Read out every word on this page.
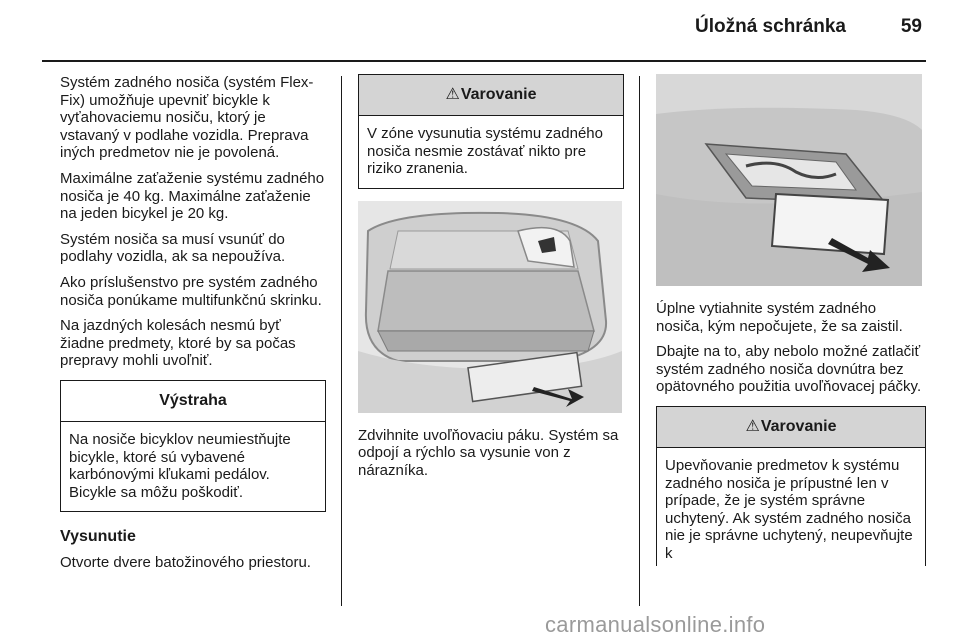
Úložná schránka	59

Systém zadného nosiča (systém Flex-Fix) umožňuje upevniť bicykle k vyťahovaciemu nosiču, ktorý je vstavaný v podlahe vozidla. Preprava iných predmetov nie je povolená.

Maximálne zaťaženie systému zadného nosiča je 40 kg. Maximálne zaťaženie na jeden bicykel je 20 kg.

Systém nosiča sa musí vsunúť do podlahy vozidla, ak sa nepoužíva.

Ako príslušenstvo pre systém zadného nosiča ponúkame multifunkčnú skrinku.

Na jazdných kolesách nesmú byť žiadne predmety, ktoré by sa počas prepravy mohli uvoľniť.

Výstraha
Na nosiče bicyklov neumiestňujte bicykle, ktoré sú vybavené karbónovými kľukami pedálov. Bicykle sa môžu poškodiť.

Vysunutie

Otvorte dvere batožinového priestoru.

⚠Varovanie
V zóne vysunutia systému zadného nosiča nesmie zostávať nikto pre riziko zranenia.

Zdvihnite uvoľňovaciu páku. Systém sa odpojí a rýchlo sa vysunie von z nárazníka.

Úplne vytiahnite systém zadného nosiča, kým nepočujete, že sa zaistil.

Dbajte na to, aby nebolo možné zatlačiť systém zadného nosiča dovnútra bez opätovného použitia uvoľňovacej páčky.

⚠Varovanie
Upevňovanie predmetov k systému zadného nosiča je prípustné len v prípade, že je systém správne uchytený. Ak systém zadného nosiča nie je správne uchytený, neupevňujte k
carmanualsonline.info
